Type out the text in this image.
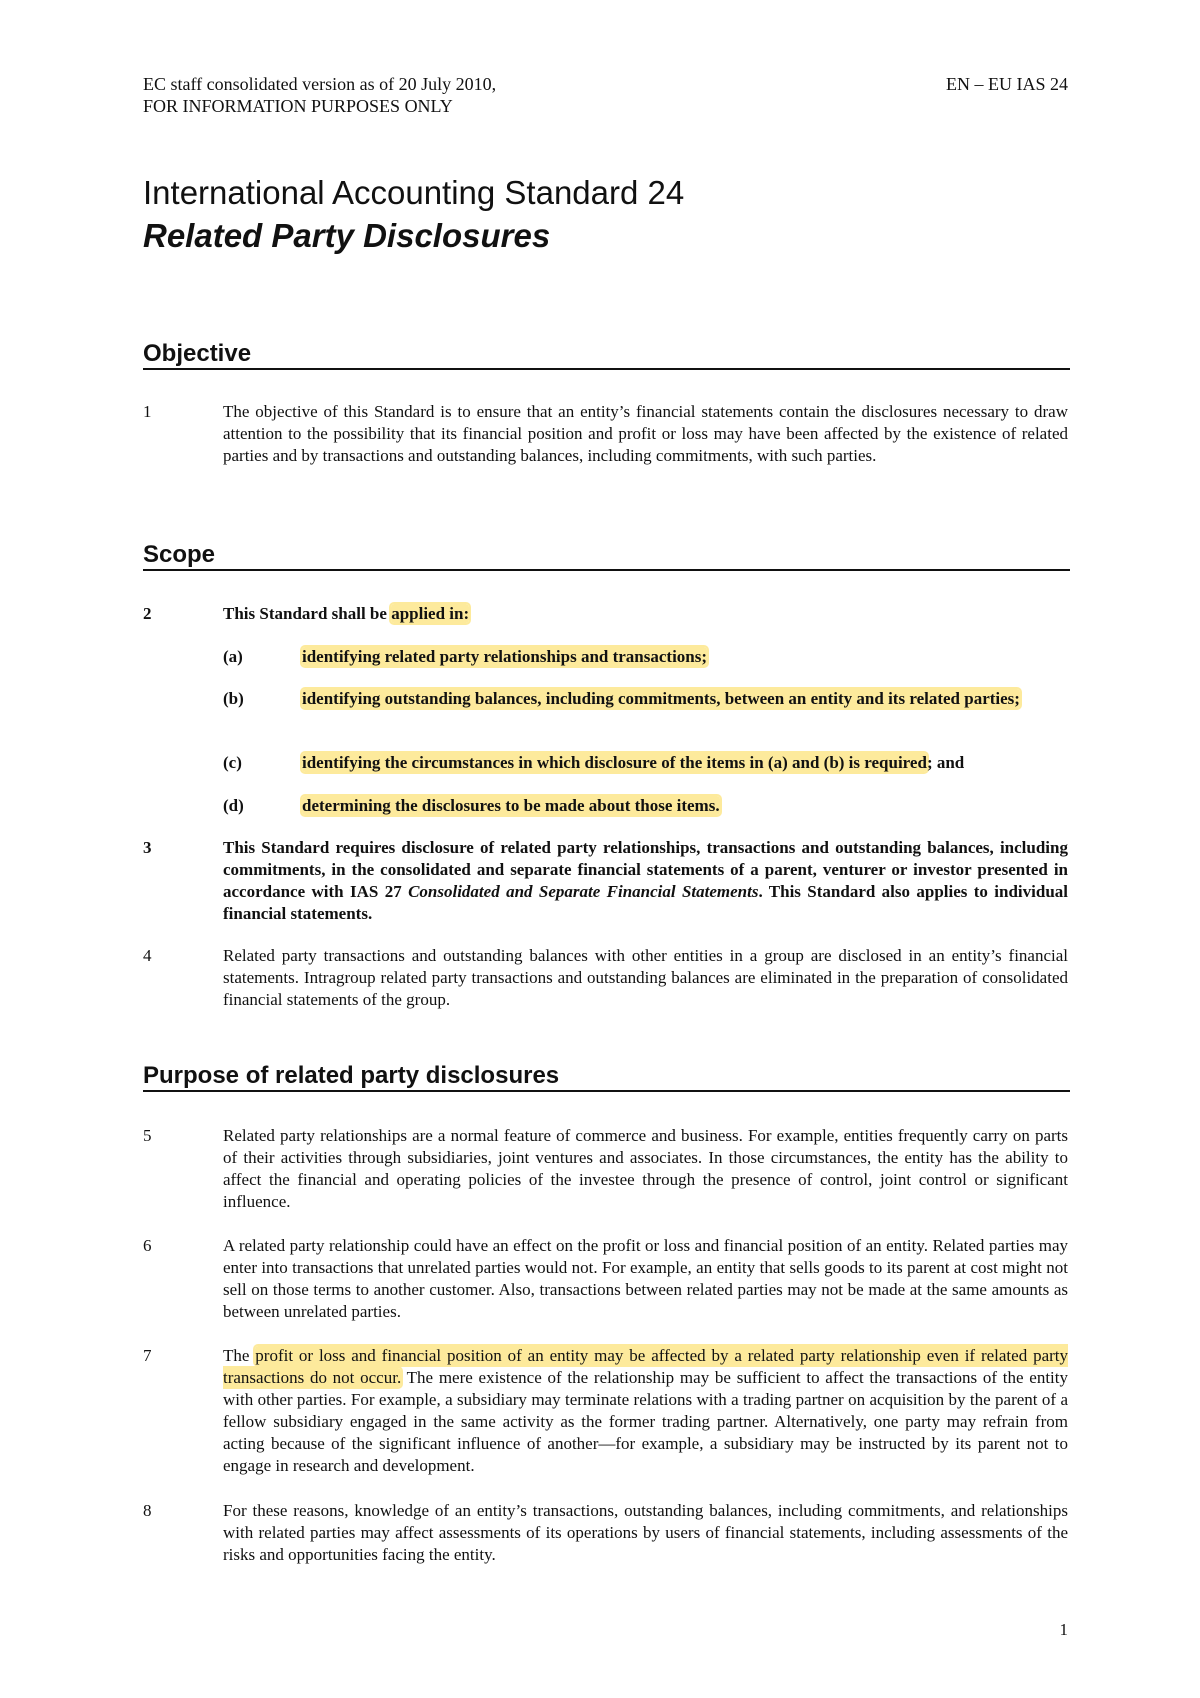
EC staff consolidated version as of 20 July 2010,
FOR INFORMATION PURPOSES ONLY
EN – EU IAS 24
International Accounting Standard 24
Related Party Disclosures
Objective
1	The objective of this Standard is to ensure that an entity’s financial statements contain the disclosures necessary to draw attention to the possibility that its financial position and profit or loss may have been affected by the existence of related parties and by transactions and outstanding balances, including commitments, with such parties.
Scope
2	This Standard shall be applied in:
(a)	identifying related party relationships and transactions;
(b)	identifying outstanding balances, including commitments, between an entity and its related parties;
(c)	identifying the circumstances in which disclosure of the items in (a) and (b) is required; and
(d)	determining the disclosures to be made about those items.
3	This Standard requires disclosure of related party relationships, transactions and outstanding balances, including commitments, in the consolidated and separate financial statements of a parent, venturer or investor presented in accordance with IAS 27 Consolidated and Separate Financial Statements. This Standard also applies to individual financial statements.
4	Related party transactions and outstanding balances with other entities in a group are disclosed in an entity’s financial statements. Intragroup related party transactions and outstanding balances are eliminated in the preparation of consolidated financial statements of the group.
Purpose of related party disclosures
5	Related party relationships are a normal feature of commerce and business. For example, entities frequently carry on parts of their activities through subsidiaries, joint ventures and associates. In those circumstances, the entity has the ability to affect the financial and operating policies of the investee through the presence of control, joint control or significant influence.
6	A related party relationship could have an effect on the profit or loss and financial position of an entity. Related parties may enter into transactions that unrelated parties would not. For example, an entity that sells goods to its parent at cost might not sell on those terms to another customer. Also, transactions between related parties may not be made at the same amounts as between unrelated parties.
7	The profit or loss and financial position of an entity may be affected by a related party relationship even if related party transactions do not occur. The mere existence of the relationship may be sufficient to affect the transactions of the entity with other parties. For example, a subsidiary may terminate relations with a trading partner on acquisition by the parent of a fellow subsidiary engaged in the same activity as the former trading partner. Alternatively, one party may refrain from acting because of the significant influence of another—for example, a subsidiary may be instructed by its parent not to engage in research and development.
8	For these reasons, knowledge of an entity’s transactions, outstanding balances, including commitments, and relationships with related parties may affect assessments of its operations by users of financial statements, including assessments of the risks and opportunities facing the entity.
1
